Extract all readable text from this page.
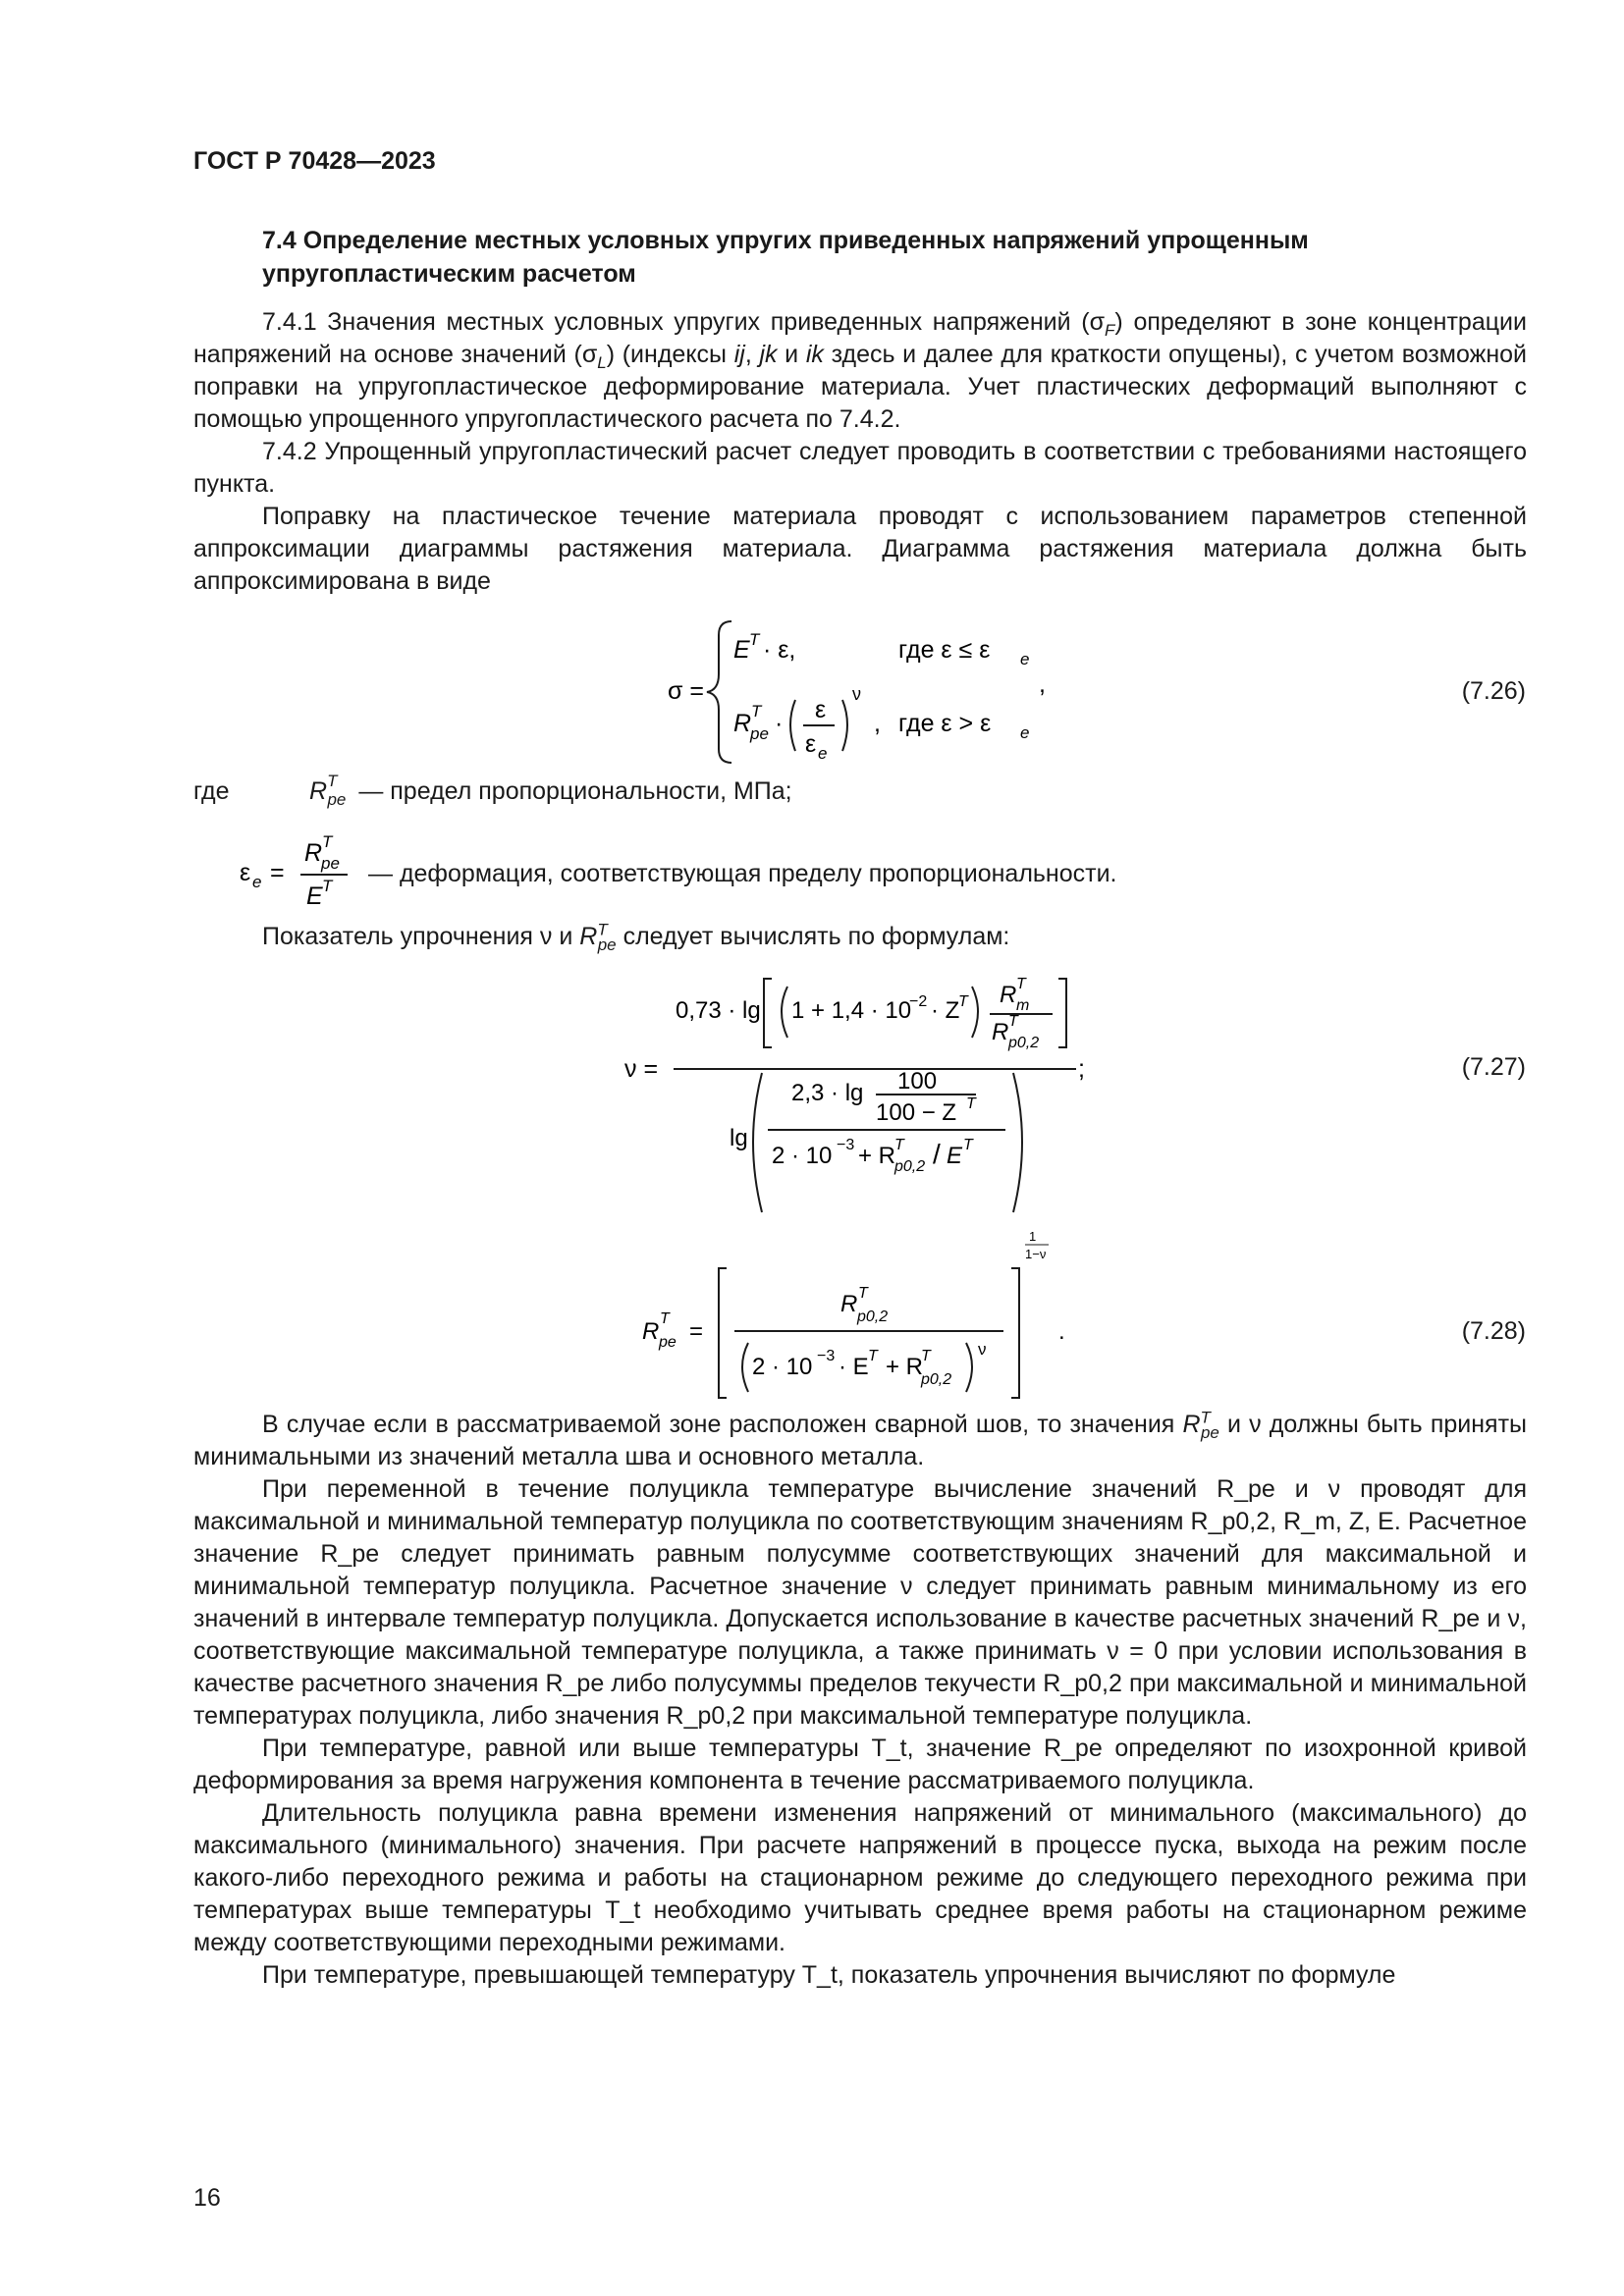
ГОСТ Р 70428—2023
7.4 Определение местных условных упругих приведенных напряжений упрощенным упругопластическим расчетом

7.4.1 Значения местных условных упругих приведенных напряжений $(\sigma_F)$ определяют в зоне концентрации напряжений на основе значений $(\sigma_L)$ (индексы ij, jk и ik здесь и далее для краткости опущены), с учетом возможной поправки на упругопластическое деформирование материала. Учет пластических деформаций выполняют с помощью упрощенного упругопластического расчета по 7.4.2.

7.4.2 Упрощенный упругопластический расчет следует проводить в соответствии с требованиями настоящего пункта.

Поправку на пластическое течение материала проводят с использованием параметров степенной аппроксимации диаграммы растяжения материала. Диаграмма растяжения материала должна быть аппроксимирована в виде

σ =
E T · ε,	где ε ≤ ε e
R T
pe · ε
ε e
ν
, где ε > ε e
,	(7.26)
где	$R^T_{pe}$ — предел пропорциональности, МПа;
ε e =
R T
pe
E T — деформация, соответствующая пределу пропорциональности.

Показатель упрочнения ν и $R^T_{pe}$ следует вычислять по формулам:

ν =
0,73 · lg 1 + 1,4 · 10
−2 · Z
T R T
m
R T
p0,2
;
lg
2,3 · lg 100
100 − Z T
2 · 10 −3 + R
T
p0,2 / E T
(7.27)
R T
pe =
R T
p0,2
2 · 10 −3 · E T + R
T
p0,2
ν
1
1−ν
.	(7.28)

В случае если в рассматриваемой зоне расположен сварной шов, то значения $R^T_{pe}$ и ν должны быть приняты минимальными из значений металла шва и основного металла.

При переменной в течение полуцикла температуре вычисление значений R_pe и ν проводят для максимальной и минимальной температур полуцикла по соответствующим значениям R_p0,2, R_m, Z, E. Расчетное значение R_pe следует принимать равным полусумме соответствующих значений для максимальной и минимальной температур полуцикла. Расчетное значение ν следует принимать равным минимальному из его значений в интервале температур полуцикла. Допускается использование в качестве расчетных значений R_pe и ν, соответствующие максимальной температуре полуцикла, а также принимать ν = 0 при условии использования в качестве расчетного значения R_pe либо полусуммы пределов текучести R_p0,2 при максимальной и минимальной температурах полуцикла, либо значения R_p0,2 при максимальной температуре полуцикла.

При температуре, равной или выше температуры T_t, значение R_pe определяют по изохронной кривой деформирования за время нагружения компонента в течение рассматриваемого полуцикла.

Длительность полуцикла равна времени изменения напряжений от минимального (максимального) до максимального (минимального) значения. При расчете напряжений в процессе пуска, выхода на режим после какого-либо переходного режима и работы на стационарном режиме до следующего переходного режима при температурах выше температуры T_t необходимо учитывать среднее время работы на стационарном режиме между соответствующими переходными режимами.

При температуре, превышающей температуру T_t, показатель упрочнения вычисляют по формуле

16
